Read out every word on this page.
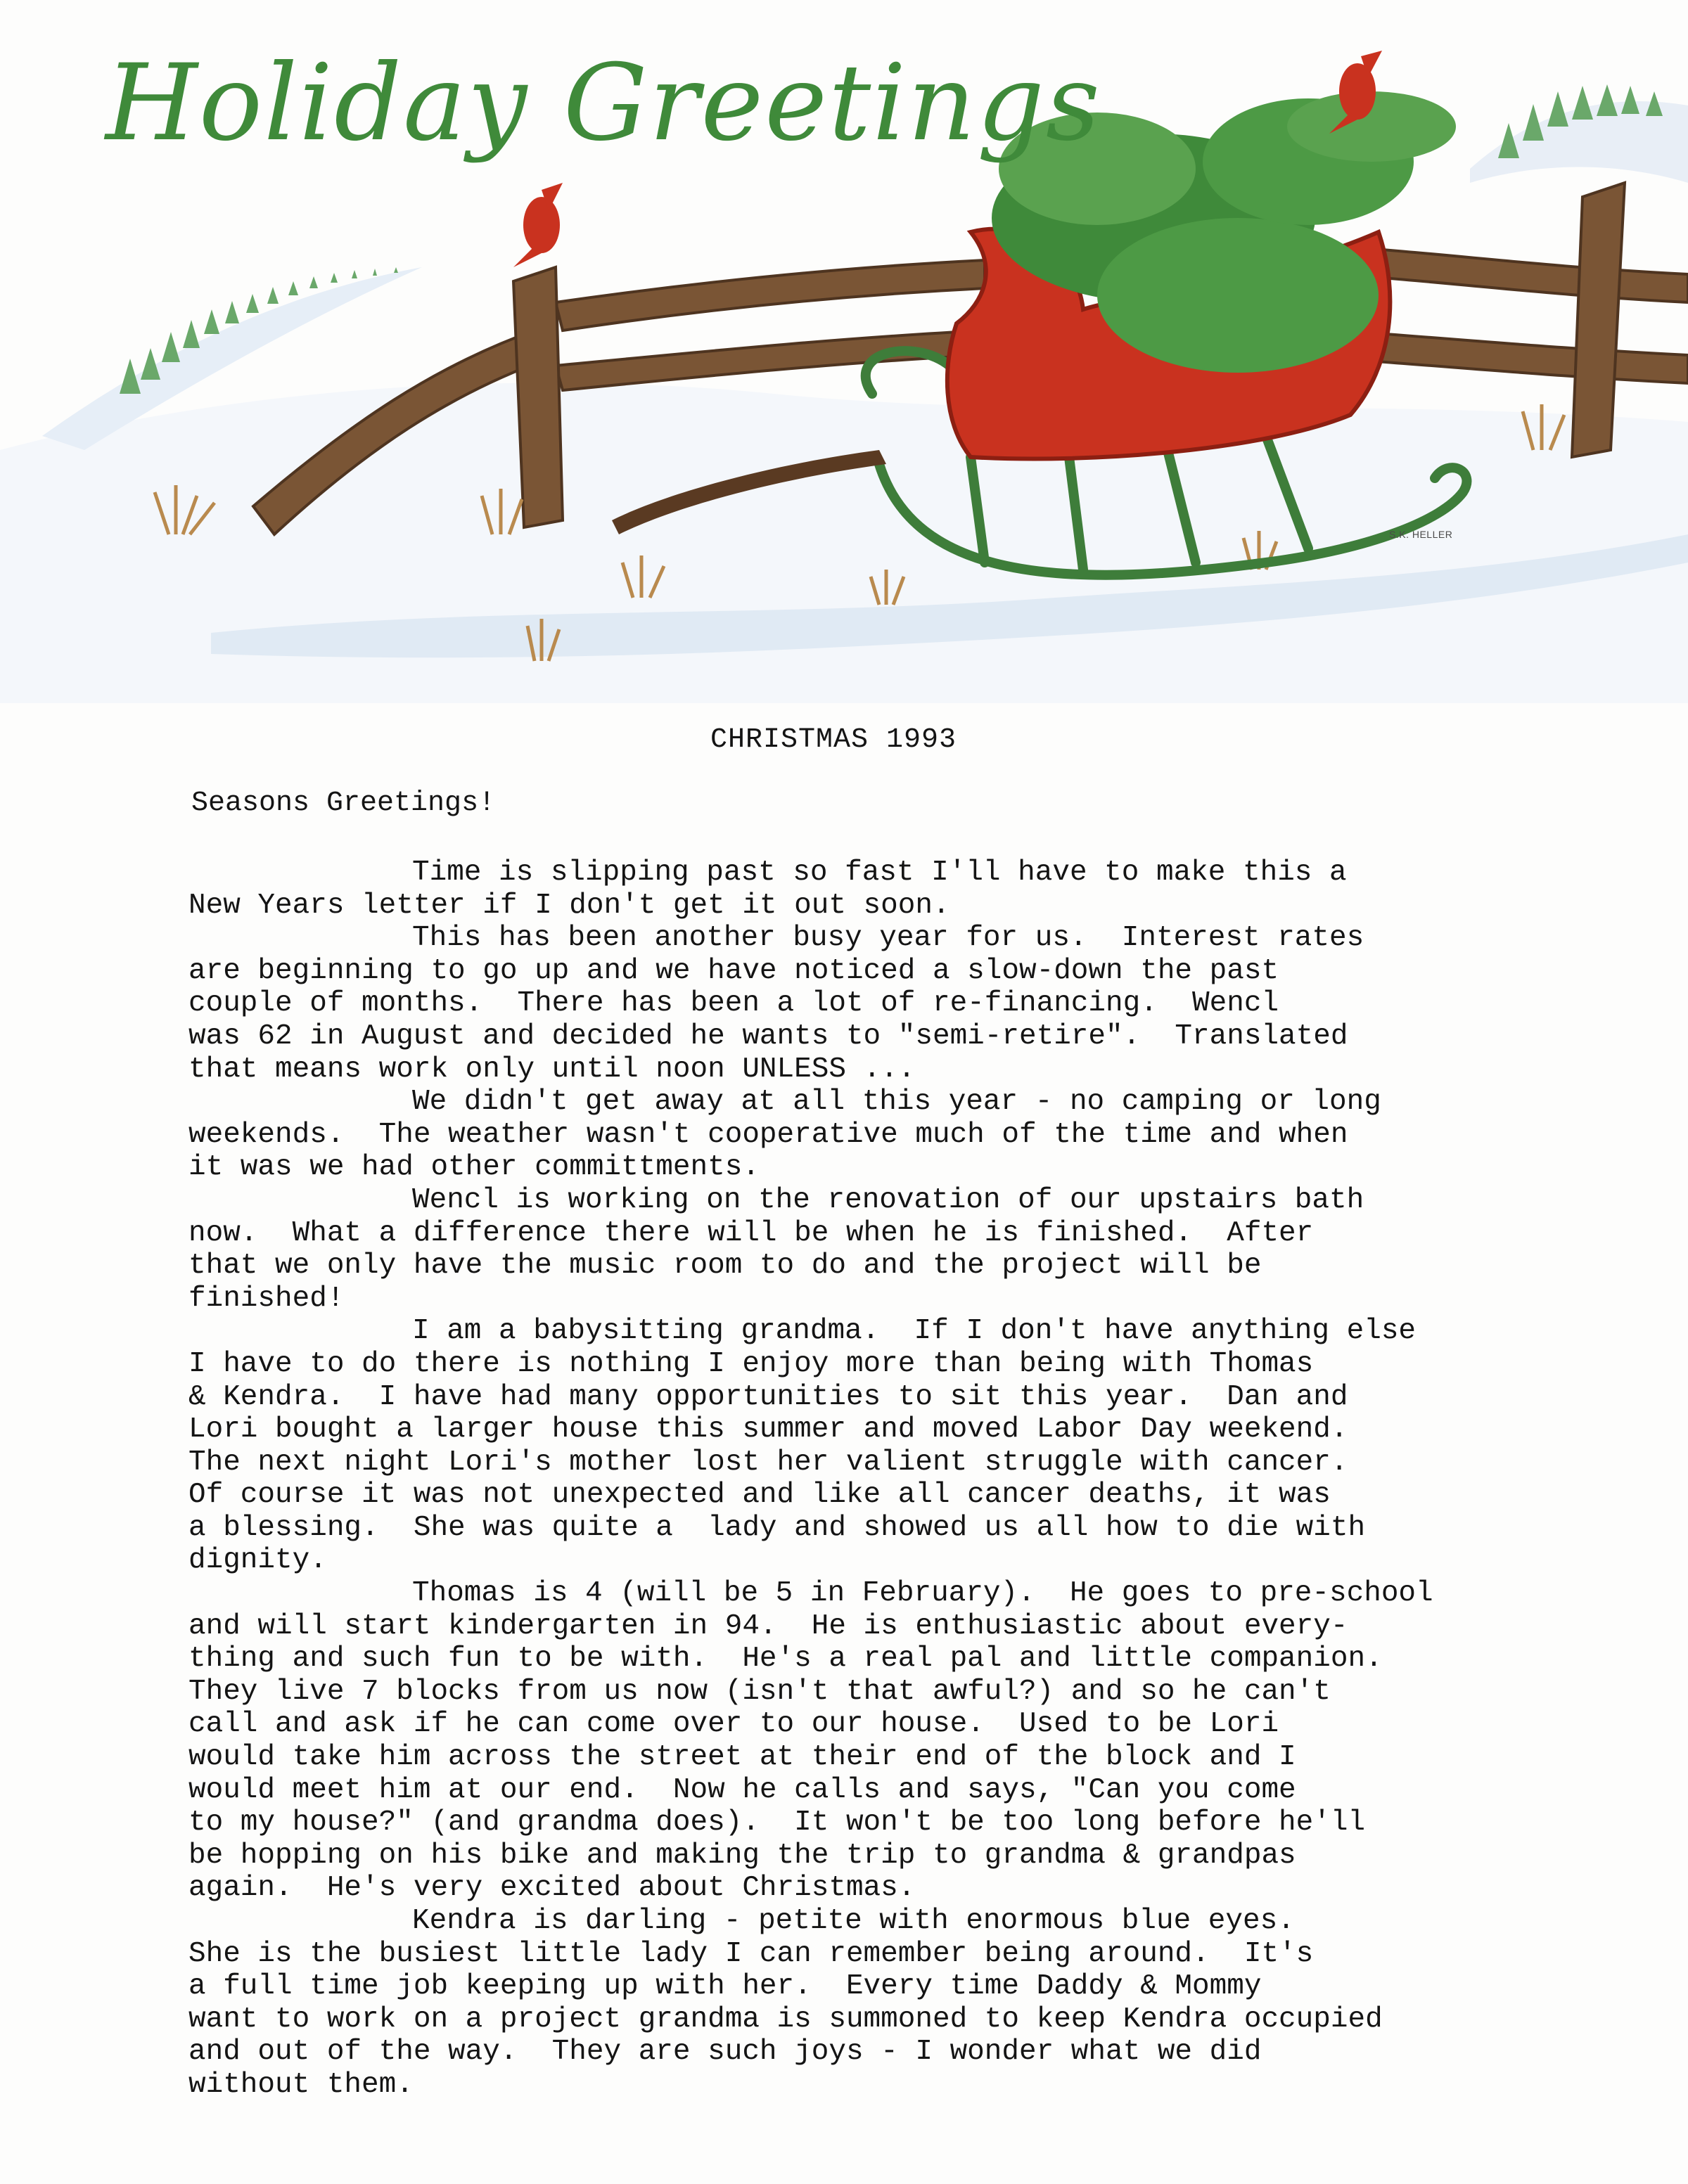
Holiday Greetings
S.K. HELLER
CHRISTMAS 1993
Seasons Greetings!

Time is slipping past so fast I'll have to make this a

New Years letter if I don't get it out soon.

This has been another busy year for us.  Interest rates

are beginning to go up and we have noticed a slow-down the past

couple of months.  There has been a lot of re-financing.  Wencl

was 62 in August and decided he wants to "semi-retire".  Translated

that means work only until noon UNLESS ...

We didn't get away at all this year - no camping or long

weekends.  The weather wasn't cooperative much of the time and when

it was we had other committments.

Wencl is working on the renovation of our upstairs bath

now.  What a difference there will be when he is finished.  After

that we only have the music room to do and the project will be

finished!

I am a babysitting grandma.  If I don't have anything else

I have to do there is nothing I enjoy more than being with Thomas

& Kendra.  I have had many opportunities to sit this year.  Dan and

Lori bought a larger house this summer and moved Labor Day weekend.

The next night Lori's mother lost her valient struggle with cancer.

Of course it was not unexpected and like all cancer deaths, it was

a blessing.  She was quite a  lady and showed us all how to die with

dignity.

Thomas is 4 (will be 5 in February).  He goes to pre-school

and will start kindergarten in 94.  He is enthusiastic about every-

thing and such fun to be with.  He's a real pal and little companion.

They live 7 blocks from us now (isn't that awful?) and so he can't

call and ask if he can come over to our house.  Used to be Lori

would take him across the street at their end of the block and I

would meet him at our end.  Now he calls and says, "Can you come

to my house?" (and grandma does).  It won't be too long before he'll

be hopping on his bike and making the trip to grandma & grandpas

again.  He's very excited about Christmas.

Kendra is darling - petite with enormous blue eyes.

She is the busiest little lady I can remember being around.  It's

a full time job keeping up with her.  Every time Daddy & Mommy

want to work on a project grandma is summoned to keep Kendra occupied

and out of the way.  They are such joys - I wonder what we did

without them.
